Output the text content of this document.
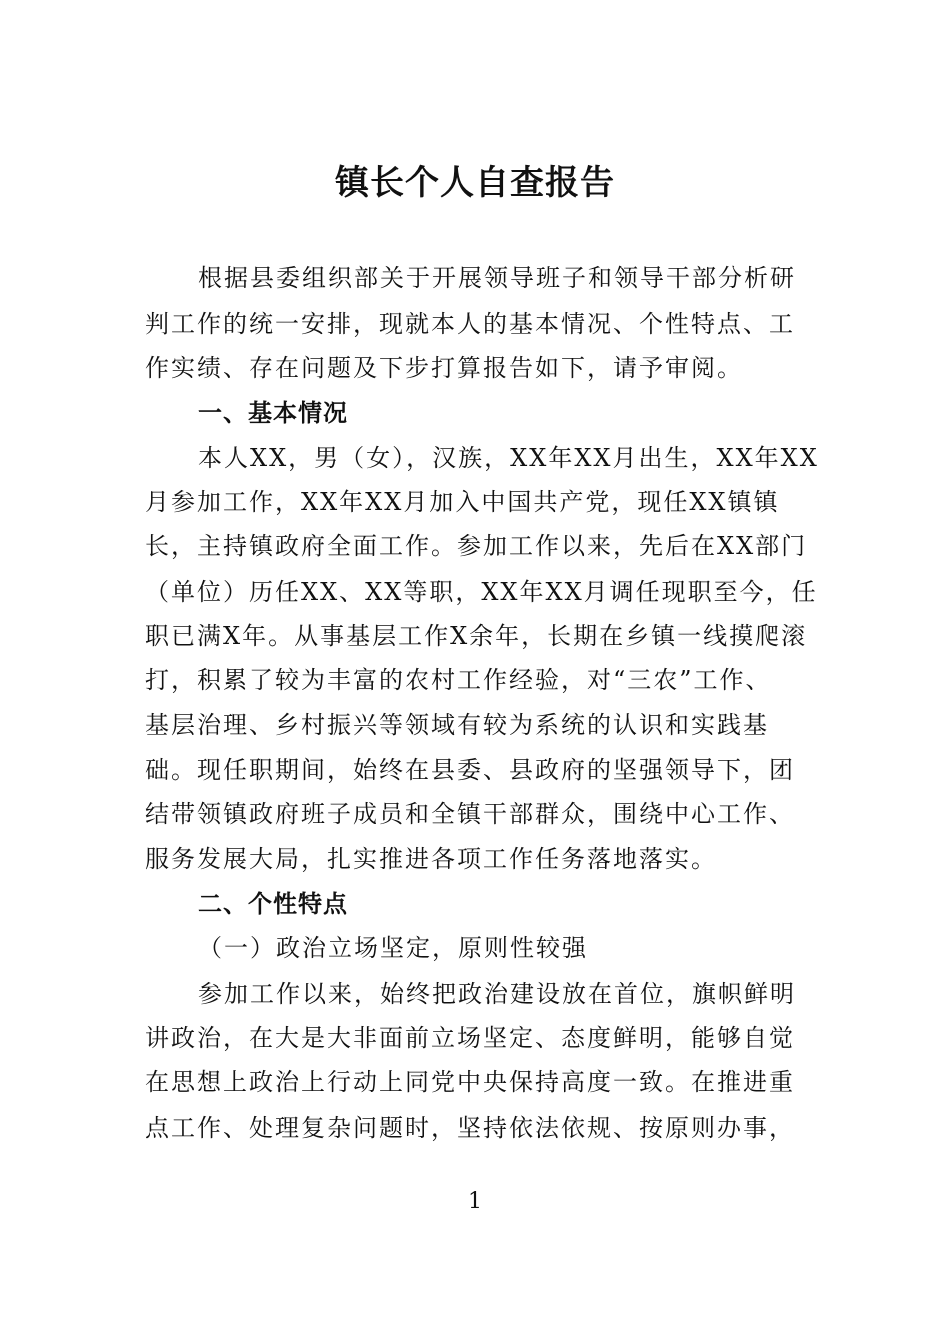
镇长个人自查报告
根据县委组织部关于开展领导班子和领导干部分析研
判工作的统一安排，现就本人的基本情况、个性特点、工
作实绩、存在问题及下步打算报告如下，请予审阅。
一、基本情况
本人XX，男（女），汉族，XX年XX月出生，XX年XX
月参加工作，XX年XX月加入中国共产党，现任XX镇镇
长，主持镇政府全面工作。参加工作以来，先后在XX部门
（单位）历任XX、XX等职，XX年XX月调任现职至今，任
职已满X年。从事基层工作X余年，长期在乡镇一线摸爬滚
打，积累了较为丰富的农村工作经验，对“三农”工作、
基层治理、乡村振兴等领域有较为系统的认识和实践基
础。现任职期间，始终在县委、县政府的坚强领导下，团
结带领镇政府班子成员和全镇干部群众，围绕中心工作、
服务发展大局，扎实推进各项工作任务落地落实。
二、个性特点
（一）政治立场坚定，原则性较强
参加工作以来，始终把政治建设放在首位，旗帜鲜明
讲政治，在大是大非面前立场坚定、态度鲜明，能够自觉
在思想上政治上行动上同党中央保持高度一致。在推进重
点工作、处理复杂问题时，坚持依法依规、按原则办事，
1
